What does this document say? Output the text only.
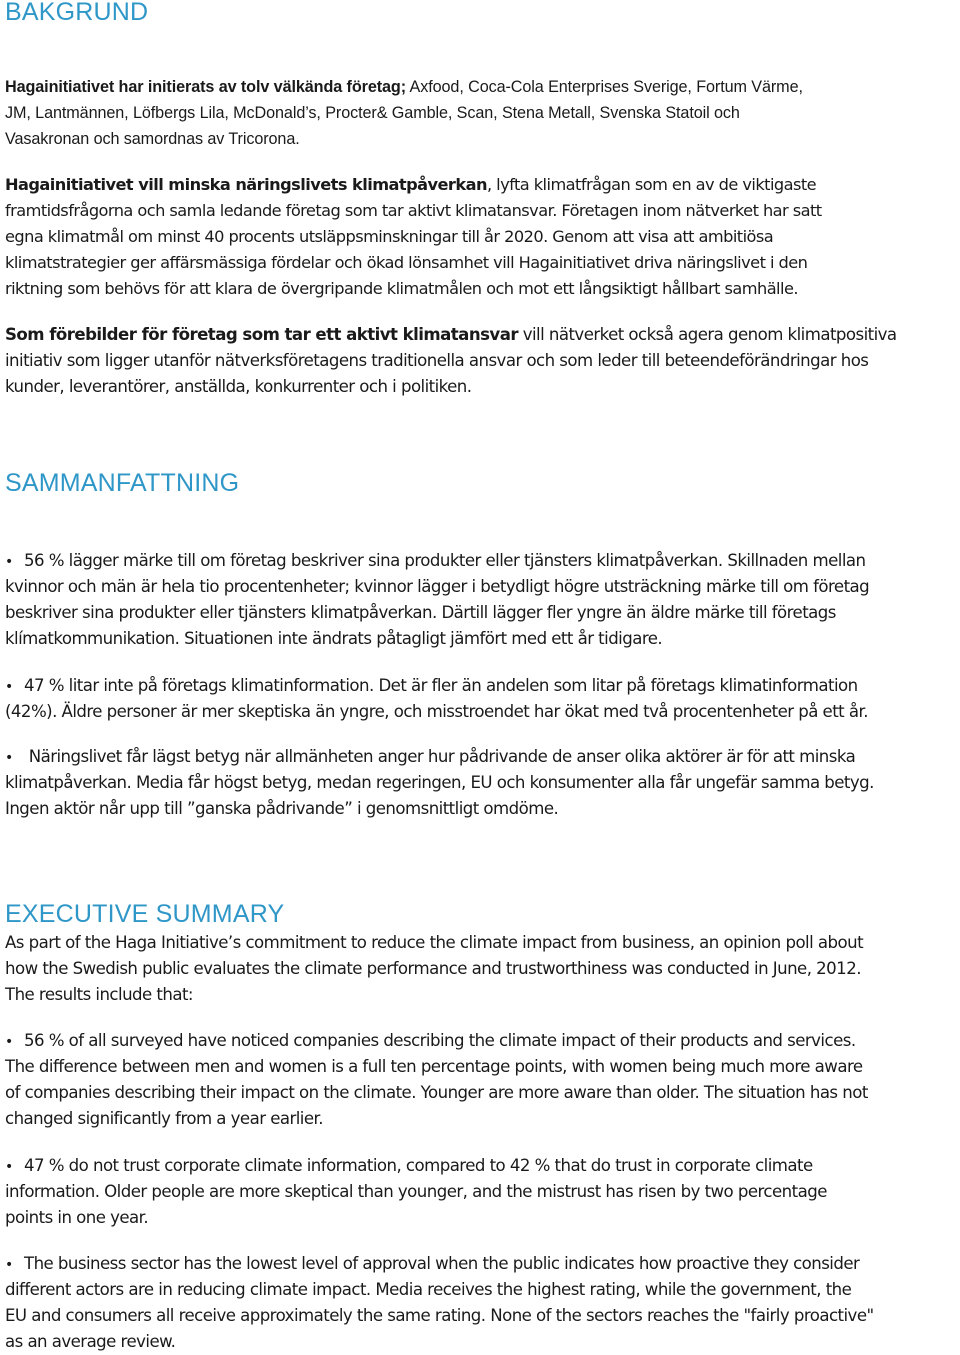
BAKGRUND
Hagainitiativet har initierats av tolv välkända företag; Axfood, Coca-Cola Enterprises Sverige, Fortum Värme,
JM, Lantmännen, Löfbergs Lila, McDonald’s, Procter& Gamble, Scan, Stena Metall, Svenska Statoil och
Vasakronan och samordnas av Tricorona.
Hagainitiativet vill minska näringslivets klimatpåverkan, lyfta klimatfrågan som en av de viktigaste
framtidsfrågorna och samla ledande företag som tar aktivt klimatansvar. Företagen inom nätverket har satt
egna klimatmål om minst 40 procents utsläppsminskningar till år 2020. Genom att visa att ambitiösa
klimatstrategier ger affärsmässiga fördelar och ökad lönsamhet vill Hagainitiativet driva näringslivet i den
riktning som behövs för att klara de övergripande klimatmålen och mot ett långsiktigt hållbart samhälle.
Som förebilder för företag som tar ett aktivt klimatansvar vill nätverket också agera genom klimatpositiva
initiativ som ligger utanför nätverksföretagens traditionella ansvar och som leder till beteendeförändringar hos
kunder, leverantörer, anställda, konkurrenter och i politiken.
SAMMANFATTNING
• 56 % lägger märke till om företag beskriver sina produkter eller tjänsters klimatpåverkan. Skillnaden mellan
kvinnor och män är hela tio procentenheter; kvinnor lägger i betydligt högre utsträckning märke till om företag
beskriver sina produkter eller tjänsters klimatpåverkan. Därtill lägger fler yngre än äldre märke till företags
klímatkommunikation. Situationen inte ändrats påtagligt jämfört med ett år tidigare.
• 47 % litar inte på företags klimatinformation. Det är fler än andelen som litar på företags klimatinformation
(42%). Äldre personer är mer skeptiska än yngre, och misstroendet har ökat med två procentenheter på ett år.
• Näringslivet får lägst betyg när allmänheten anger hur pådrivande de anser olika aktörer är för att minska
klimatpåverkan. Media får högst betyg, medan regeringen, EU och konsumenter alla får ungefär samma betyg.
Ingen aktör når upp till ”ganska pådrivande” i genomsnittligt omdöme.
EXECUTIVE SUMMARY
As part of the Haga Initiative’s commitment to reduce the climate impact from business, an opinion poll about
how the Swedish public evaluates the climate performance and trustworthiness was conducted in June, 2012.
The results include that:
• 56 % of all surveyed have noticed companies describing the climate impact of their products and services.
The difference between men and women is a full ten percentage points, with women being much more aware
of companies describing their impact on the climate. Younger are more aware than older. The situation has not
changed significantly from a year earlier.
• 47 % do not trust corporate climate information, compared to 42 % that do trust in corporate climate
information. Older people are more skeptical than younger, and the mistrust has risen by two percentage
points in one year.
• The business sector has the lowest level of approval when the public indicates how proactive they consider
different actors are in reducing climate impact. Media receives the highest rating, while the government, the
EU and consumers all receive approximately the same rating. None of the sectors reaches the "fairly proactive"
as an average review.
